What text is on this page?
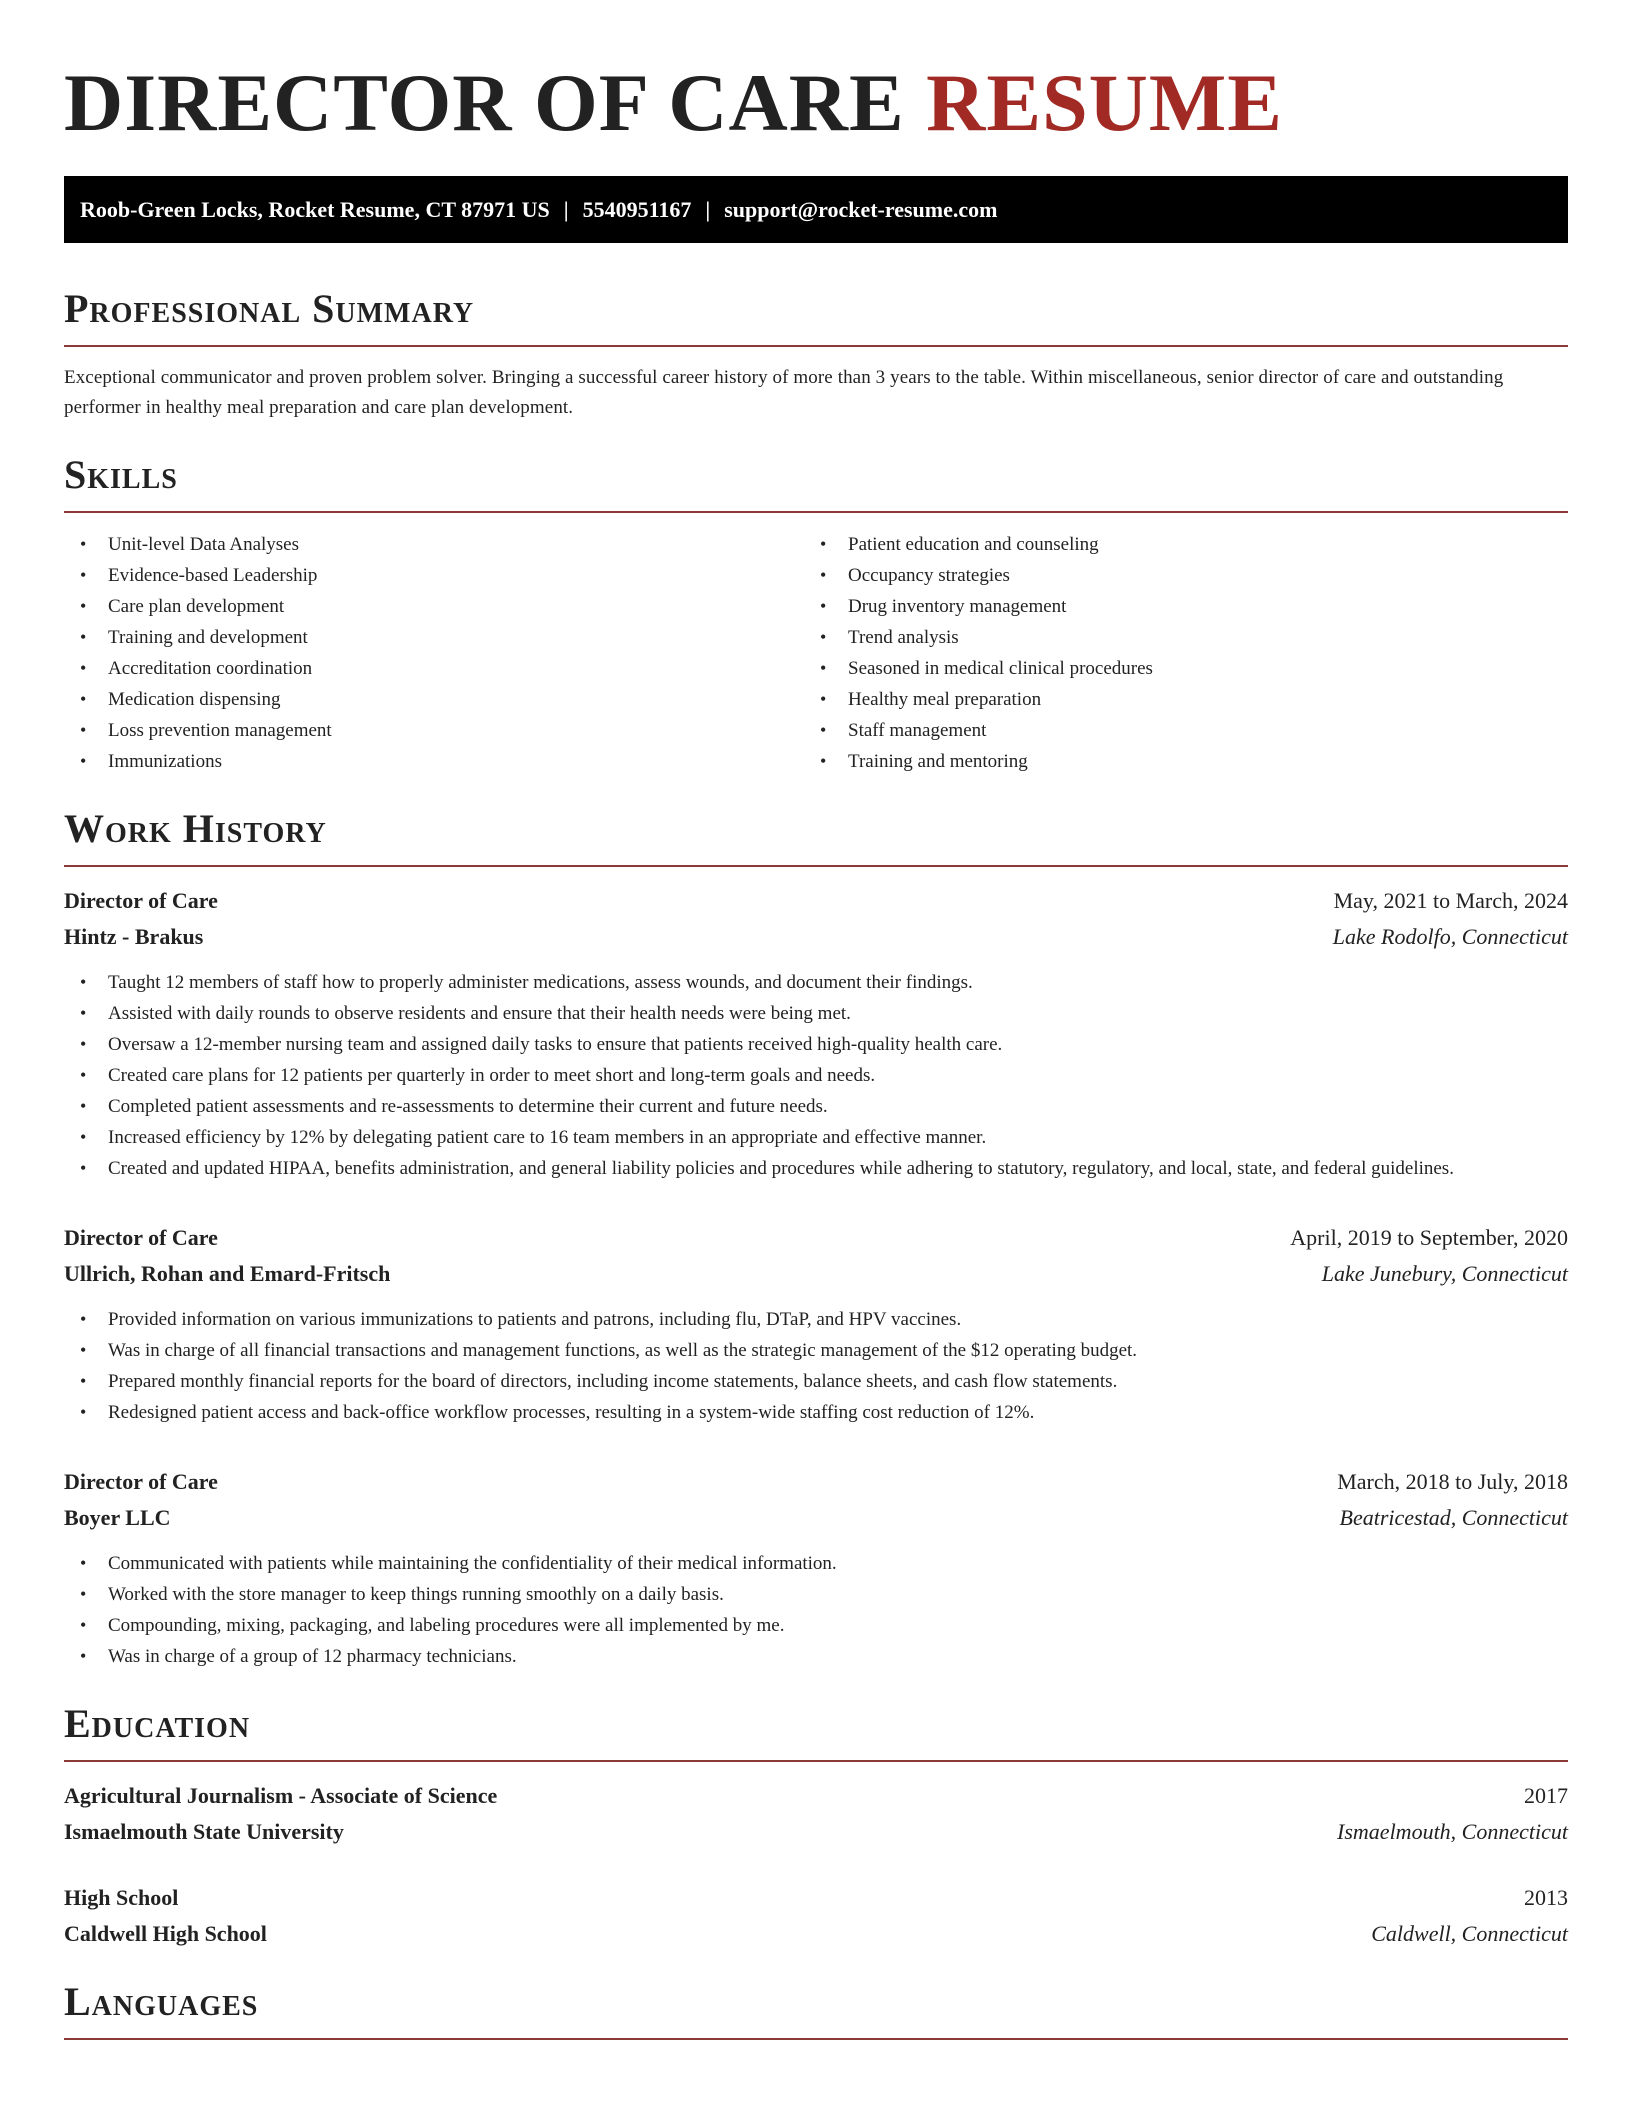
DIRECTOR OF CARE RESUME
Roob-Green Locks, Rocket Resume, CT 87971 US | 5540951167 | support@rocket-resume.com
Professional Summary

Exceptional communicator and proven problem solver. Bringing a successful career history of more than 3 years to the table. Within miscellaneous, senior director of care and outstanding performer in healthy meal preparation and care plan development.

Skills
• Unit-level Data Analyses
• Evidence-based Leadership
• Care plan development
• Training and development
• Accreditation coordination
• Medication dispensing
• Loss prevention management
• Immunizations
• Patient education and counseling
• Occupancy strategies
• Drug inventory management
• Trend analysis
• Seasoned in medical clinical procedures
• Healthy meal preparation
• Staff management
• Training and mentoring
Work History
Director of Care	May, 2021 to March, 2024
Hintz - Brakus	Lake Rodolfo, Connecticut
• Taught 12 members of staff how to properly administer medications, assess wounds, and document their findings.
• Assisted with daily rounds to observe residents and ensure that their health needs were being met.
• Oversaw a 12-member nursing team and assigned daily tasks to ensure that patients received high-quality health care.
• Created care plans for 12 patients per quarterly in order to meet short and long-term goals and needs.
• Completed patient assessments and re-assessments to determine their current and future needs.
• Increased efficiency by 12% by delegating patient care to 16 team members in an appropriate and effective manner.
• Created and updated HIPAA, benefits administration, and general liability policies and procedures while adhering to statutory, regulatory, and local, state, and federal guidelines.
Director of Care	April, 2019 to September, 2020
Ullrich, Rohan and Emard-Fritsch	Lake Junebury, Connecticut
• Provided information on various immunizations to patients and patrons, including flu, DTaP, and HPV vaccines.
• Was in charge of all financial transactions and management functions, as well as the strategic management of the $12 operating budget.
• Prepared monthly financial reports for the board of directors, including income statements, balance sheets, and cash flow statements.
• Redesigned patient access and back-office workflow processes, resulting in a system-wide staffing cost reduction of 12%.
Director of Care	March, 2018 to July, 2018
Boyer LLC	Beatricestad, Connecticut
• Communicated with patients while maintaining the confidentiality of their medical information.
• Worked with the store manager to keep things running smoothly on a daily basis.
• Compounding, mixing, packaging, and labeling procedures were all implemented by me.
• Was in charge of a group of 12 pharmacy technicians.
Education
Agricultural Journalism - Associate of Science	2017
Ismaelmouth State University	Ismaelmouth, Connecticut
High School	2013
Caldwell High School	Caldwell, Connecticut
Languages
